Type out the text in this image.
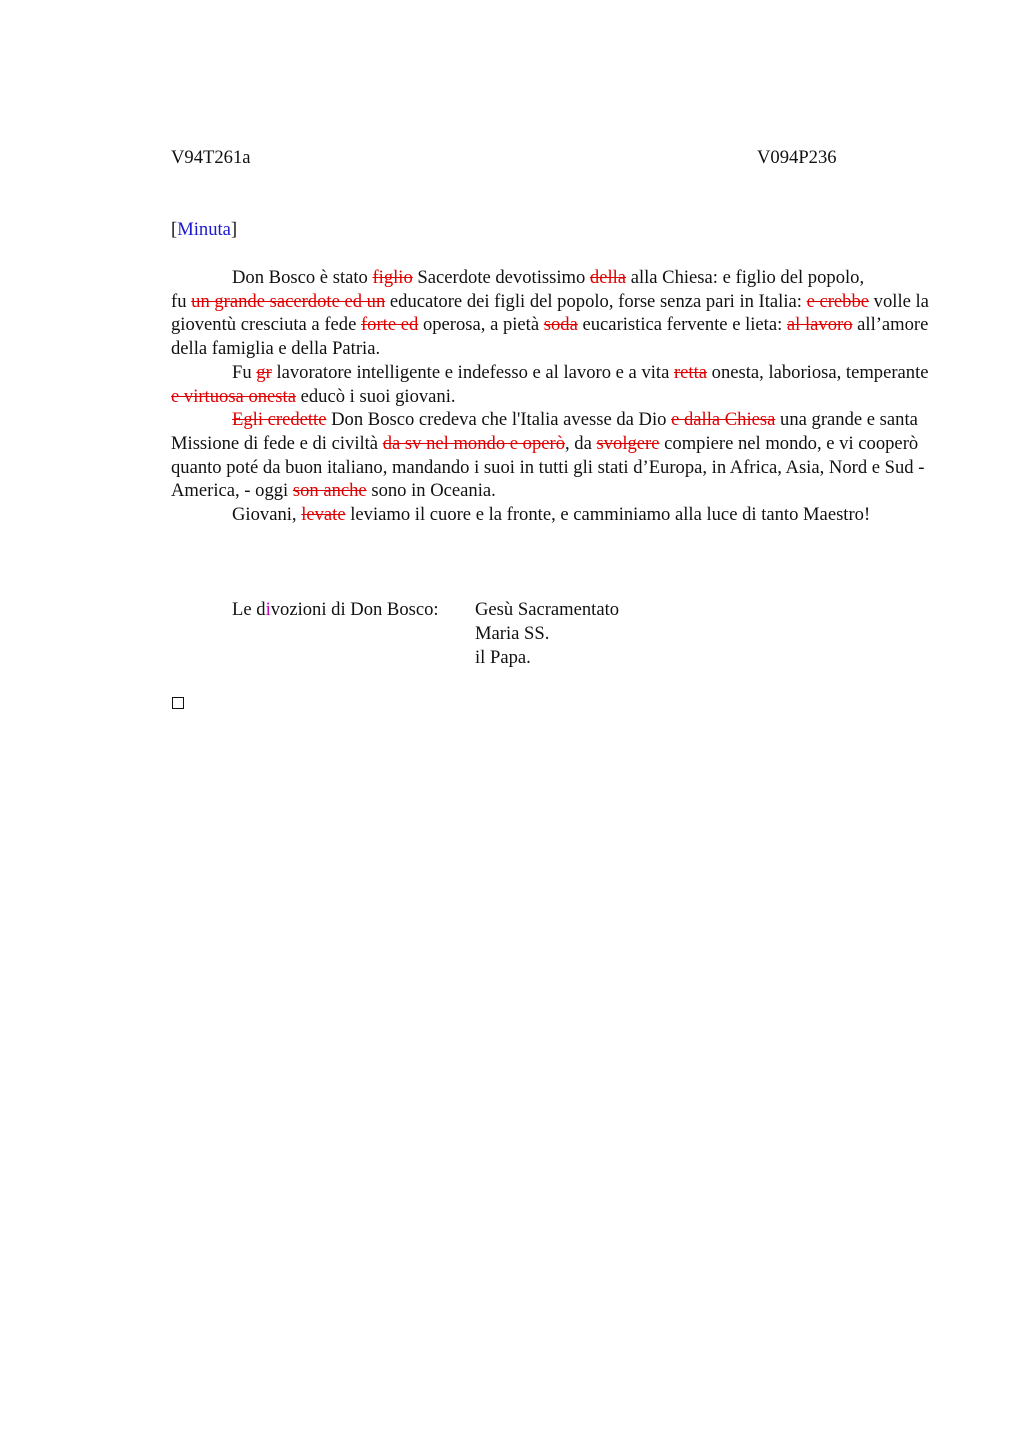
V94T261a	V094P236
[Minuta]

Don Bosco è stato figlio Sacerdote devotissimo della alla Chiesa: e figlio del popolo,

fu un grande sacerdote ed un educatore dei figli del popolo, forse senza pari in Italia: e crebbe volle la gioventù cresciuta a fede forte ed operosa, a pietà soda eucaristica fervente e lieta: al lavoro all’amore della famiglia e della Patria.

Fu gr lavoratore intelligente e indefesso e al lavoro e a vita retta onesta, laboriosa, temperante e virtuosa onesta educò i suoi giovani.

Egli credette Don Bosco credeva che l'Italia avesse da Dio e dalla Chiesa una grande e santa Missione di fede e di civiltà da sv nel mondo e operò, da svolgere compiere nel mondo, e vi cooperò quanto poté da buon italiano, mandando i suoi in tutti gli stati d’Europa, in Africa, Asia, Nord e Sud - America, - oggi son anche sono in Oceania.

Giovani, levate leviamo il cuore e la fronte, e camminiamo alla luce di tanto Maestro!

Le divozioni di Don Bosco: Gesù Sacramentato
Maria SS.
il Papa.
